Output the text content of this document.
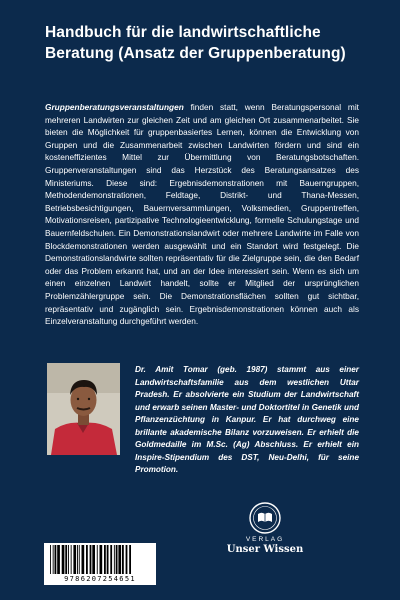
Handbuch für die landwirtschaftliche Beratung (Ansatz der Gruppenberatung)
Gruppenberatungsveranstaltungen finden statt, wenn Beratungspersonal mit mehreren Landwirten zur gleichen Zeit und am gleichen Ort zusammenarbeitet. Sie bieten die Möglichkeit für gruppenbasiertes Lernen, können die Entwicklung von Gruppen und die Zusammenarbeit zwischen Landwirten fördern und sind ein kosteneffizientes Mittel zur Übermittlung von Beratungsbotschaften. Gruppenveranstaltungen sind das Herzstück des Beratungsansatzes des Ministeriums. Diese sind: Ergebnisdemonstrationen mit Bauerngruppen, Methodendemonstrationen, Feldtage, Distrikt- und Thana-Messen, Betriebsbesichtigungen, Bauernversammlungen, Volksmedien, Gruppentreffen, Motivationsreisen, partizipative Technologieentwicklung, formelle Schulungstage und Bauernfeldschulen. Ein Demonstrationslandwirt oder mehrere Landwirte im Falle von Blockdemonstrationen werden ausgewählt und ein Standort wird festgelegt. Die Demonstrationslandwirte sollten repräsentativ für die Zielgruppe sein, die den Bedarf oder das Problem erkannt hat, und an der Idee interessiert sein. Wenn es sich um einen einzelnen Landwirt handelt, sollte er Mitglied der ursprünglichen Problemzählergruppe sein. Die Demonstrationsflächen sollten gut sichtbar, repräsentativ und zugänglich sein. Ergebnisdemonstrationen können auch als Einzelveranstaltung durchgeführt werden.
Dr. Amit Tomar (geb. 1987) stammt aus einer Landwirtschaftsfamilie aus dem westlichen Uttar Pradesh. Er absolvierte ein Studium der Landwirtschaft und erwarb seinen Master- und Doktortitel in Genetik und Pflanzenzüchtung in Kanpur. Er hat durchweg eine brillante akademische Bilanz vorzuweisen. Er erhielt die Goldmedaille im M.Sc. (Ag) Abschluss. Er erhielt ein Inspire-Stipendium des DST, Neu-Delhi, für seine Promotion.
VERLAG
Unser Wissen
9786207254651
